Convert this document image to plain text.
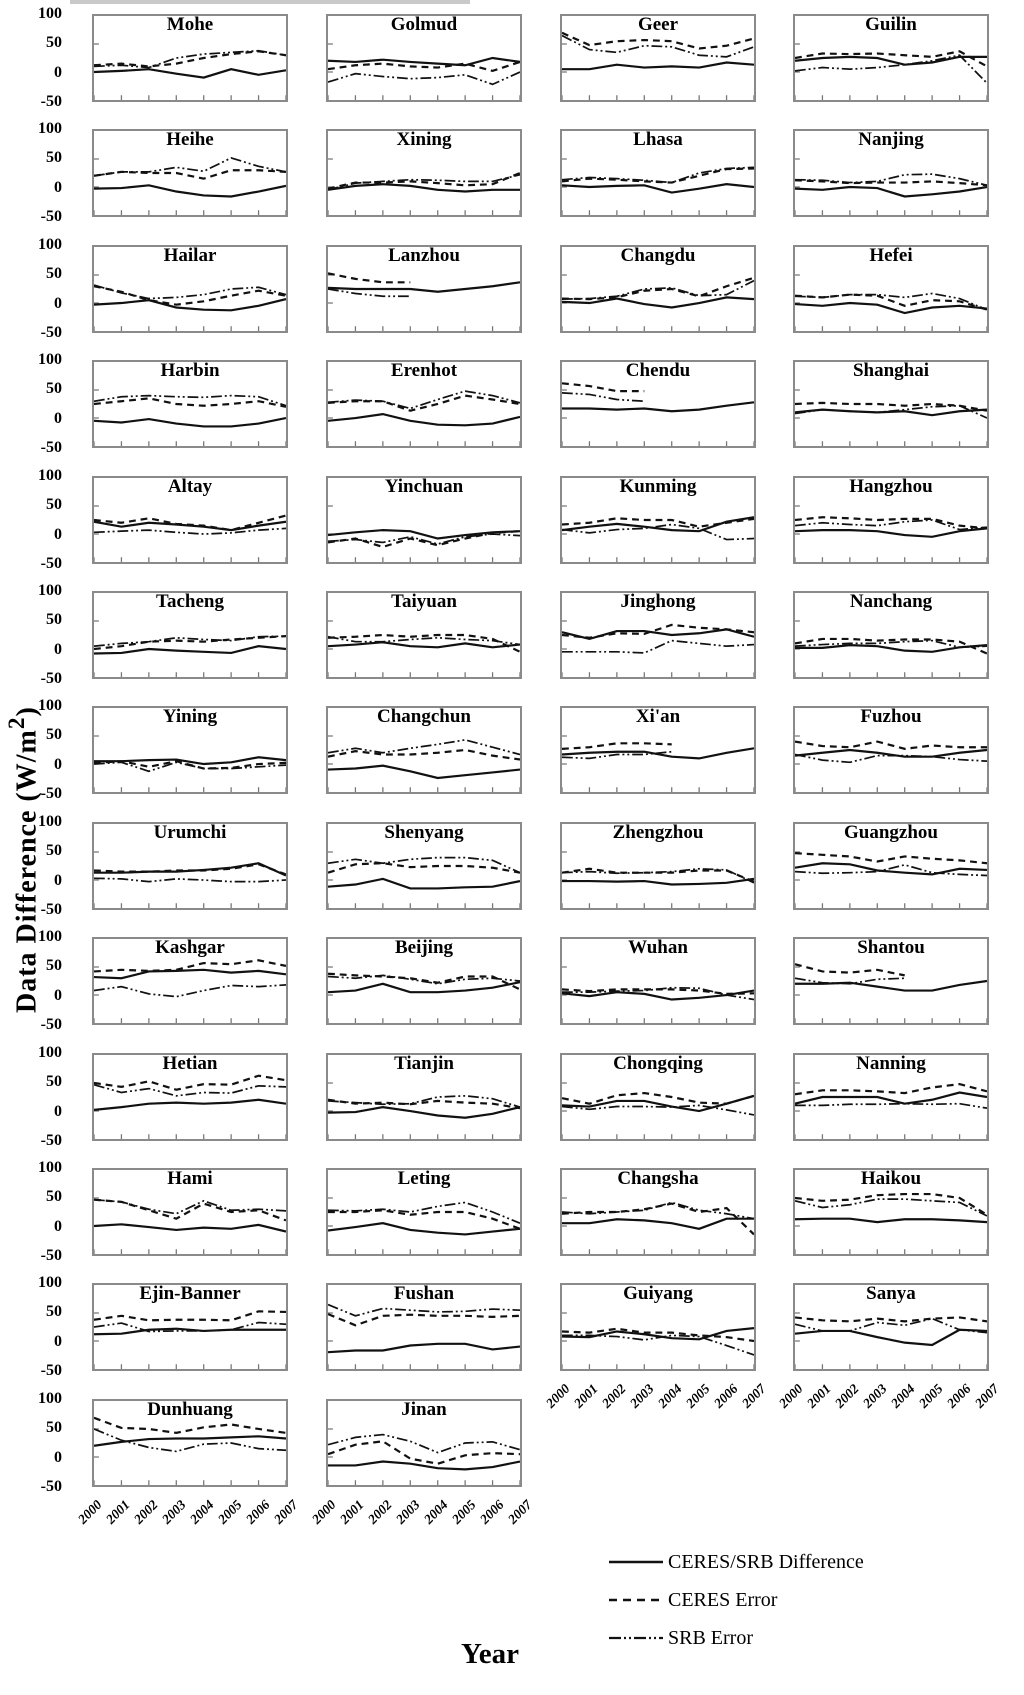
100
50
0
-50
Mohe	Golmud	Geer	Guilin
100
50
0
-50
Heihe	Xining	Lhasa	Nanjing
100
50
0
-50
Hailar	Lanzhou	Changdu	Hefei
100
50
0
-50
Harbin	Erenhot	Chendu	Shanghai
100
50
0
-50
Altay	Yinchuan	Kunming	Hangzhou
100
50
0
-50
Tacheng	Taiyuan	Jinghong	Nanchang
100
50
0
-50
Yining	Changchun	Xi'an	Fuzhou
100
50
0
-50
Urumchi	Shenyang	Zhengzhou	Guangzhou
100
50
0
-50
Kashgar	Beijing	Wuhan	Shantou
100
50
0
-50
Hetian	Tianjin	Chongqing	Nanning
100
50
0
-50
Hami	Leting	Changsha	Haikou
100
50
0
-50
Ejin-Banner	Fushan	Guiyang
2000
2001
2002
2003
2004
2005
2006
2007
Sanya
2000
2001
2002
2003
2004
2005
2006
2007
100
50
0
-50
Dunhuang
2000
2001
2002
2003
2004
2005
2006
2007
Jinan
2000
2001
2002
2003
2004
2005
2006
2007
Data Difference $(W/m^2)$
Year
CERES/SRB Difference
CERES Error
SRB Error
